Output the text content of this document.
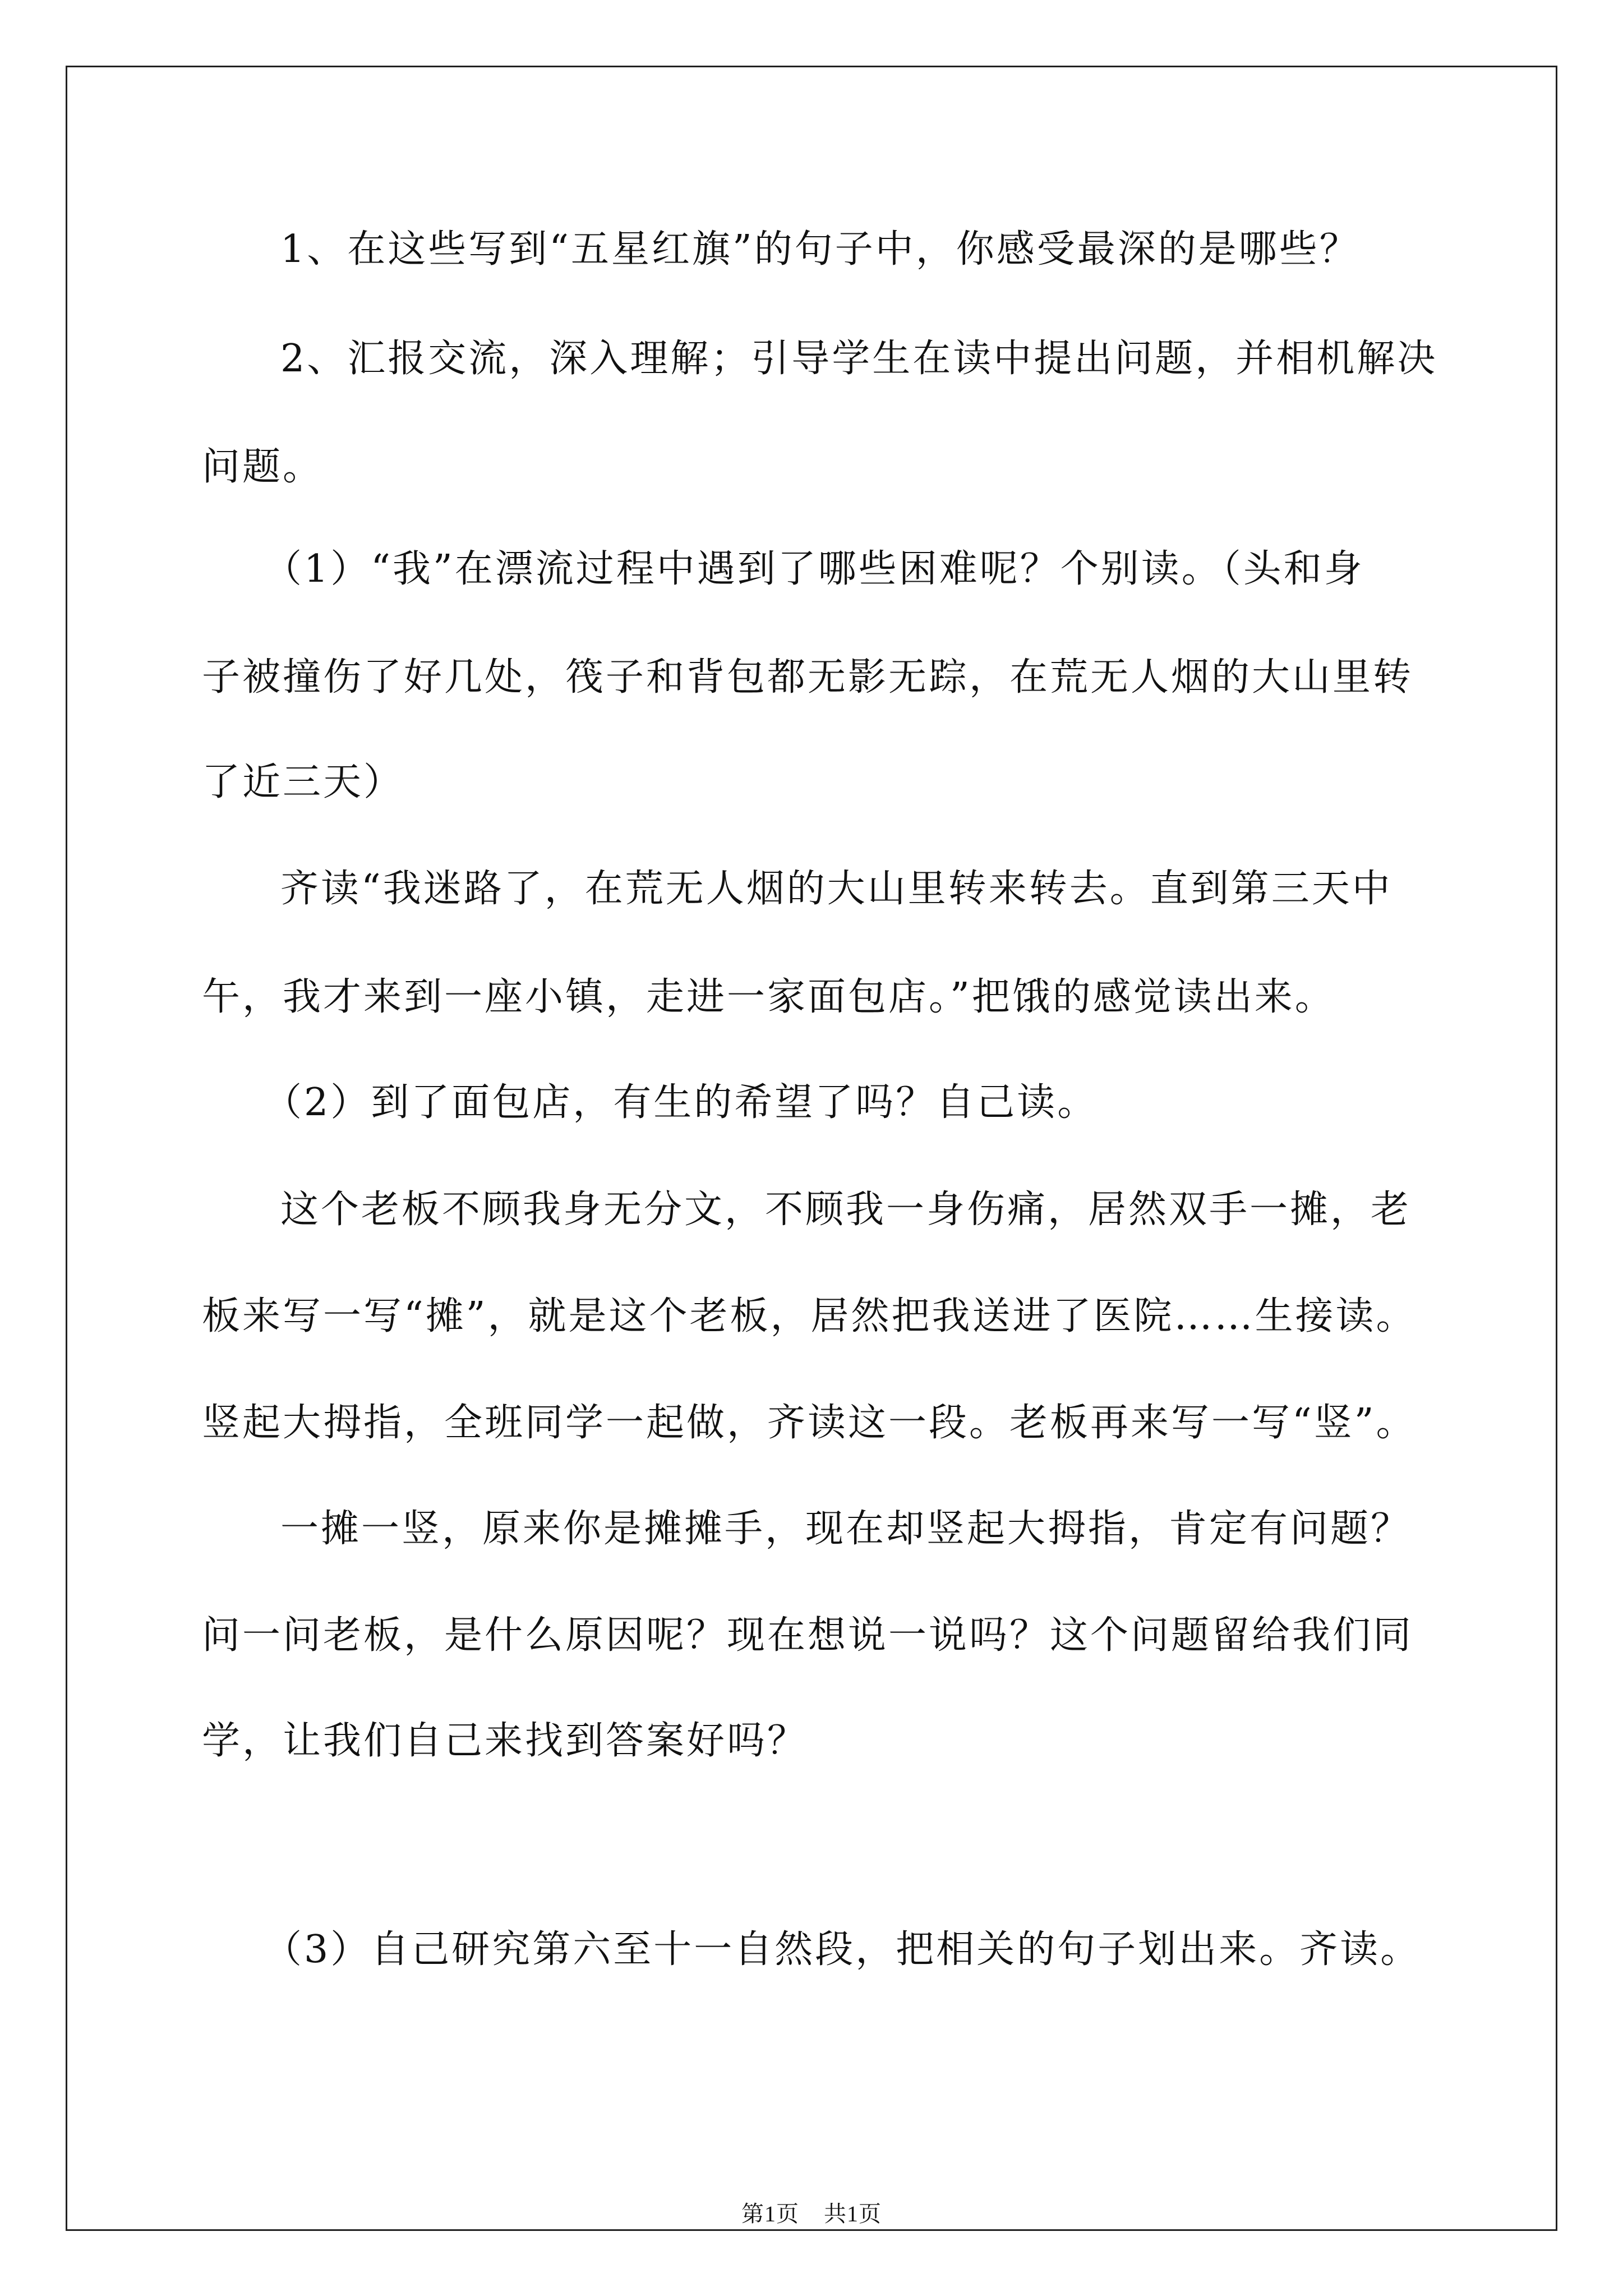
1、在这些写到“五星红旗”的句子中，你感受最深的是哪些？
2、汇报交流，深入理解；引导学生在读中提出问题，并相机解决
问题。
（1）“我”在漂流过程中遇到了哪些困难呢？个别读。（头和身
子被撞伤了好几处，筏子和背包都无影无踪，在荒无人烟的大山里转
了近三天）
齐读“我迷路了，在荒无人烟的大山里转来转去。直到第三天中
午，我才来到一座小镇，走进一家面包店。”把饿的感觉读出来。
（2）到了面包店，有生的希望了吗？自己读。
这个老板不顾我身无分文，不顾我一身伤痛，居然双手一摊，老
板来写一写“摊”，就是这个老板，居然把我送进了医院……生接读。
竖起大拇指，全班同学一起做，齐读这一段。老板再来写一写“竖”。
一摊一竖，原来你是摊摊手，现在却竖起大拇指，肯定有问题？
问一问老板，是什么原因呢？现在想说一说吗？这个问题留给我们同
学，让我们自己来找到答案好吗？
（3）自己研究第六至十一自然段，把相关的句子划出来。齐读。
第1页 共1页
